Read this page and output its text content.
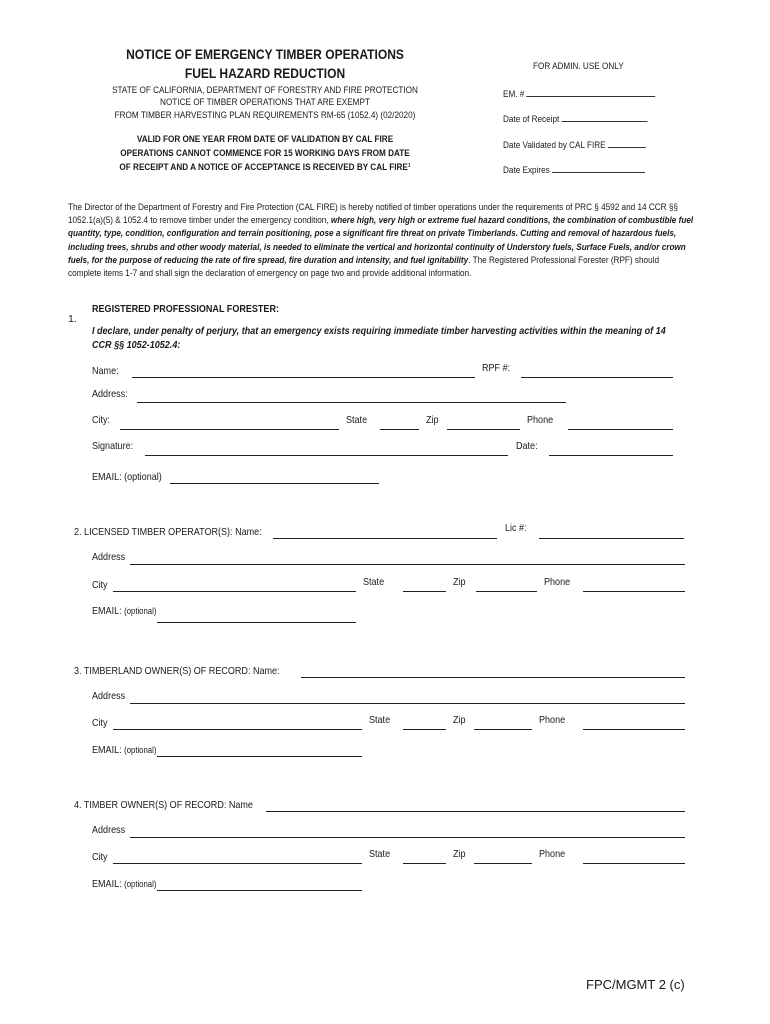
NOTICE OF EMERGENCY TIMBER OPERATIONS
FUEL HAZARD REDUCTION
STATE OF CALIFORNIA, DEPARTMENT OF FORESTRY AND FIRE PROTECTION
NOTICE OF TIMBER OPERATIONS THAT ARE EXEMPT
FROM TIMBER HARVESTING PLAN REQUIREMENTS RM-65 (1052.4) (02/2020)
VALID FOR ONE YEAR FROM DATE OF VALIDATION BY CAL FIRE
OPERATIONS CANNOT COMMENCE FOR 15 WORKING DAYS FROM DATE
OF RECEIPT AND A NOTICE OF ACCEPTANCE IS RECEIVED BY CAL FIRE¹
FOR ADMIN. USE ONLY
EM. #
Date of Receipt
Date Validated by CAL FIRE
Date Expires
The Director of the Department of Forestry and Fire Protection (CAL FIRE) is hereby notified of timber operations under the requirements of PRC § 4592 and 14 CCR §§
1052.1(a)(5) & 1052.4 to remove timber under the emergency condition, where high, very high or extreme fuel hazard conditions, the combination of combustible fuel
quantity, type, condition, configuration and terrain positioning, pose a significant fire threat on private Timberlands. Cutting and removal of hazardous fuels,
including trees, shrubs and other woody material, is needed to eliminate the vertical and horizontal continuity of Understory fuels, Surface Fuels, and/or crown
fuels, for the purpose of reducing the rate of fire spread, fire duration and intensity, and fuel ignitability. The Registered Professional Forester (RPF) should
complete items 1-7 and shall sign the declaration of emergency on page two and provide additional information.
1.
REGISTERED PROFESSIONAL FORESTER:
I declare, under penalty of perjury, that an emergency exists requiring immediate timber harvesting activities within the meaning of 14
CCR §§ 1052-1052.4:
Name:	RPF #:
Address:
City:	State	Zip	Phone
Signature:	Date:
EMAIL: (optional)
2. LICENSED TIMBER OPERATOR(S): Name:	Lic #:
Address
City	State	Zip	Phone
EMAIL: (optional)
3. TIMBERLAND OWNER(S) OF RECORD: Name:
Address
City	State	Zip	Phone
EMAIL: (optional)
4. TIMBER OWNER(S) OF RECORD: Name
Address
City	State	Zip	Phone
EMAIL: (optional)
FPC/MGMT 2 (c)
